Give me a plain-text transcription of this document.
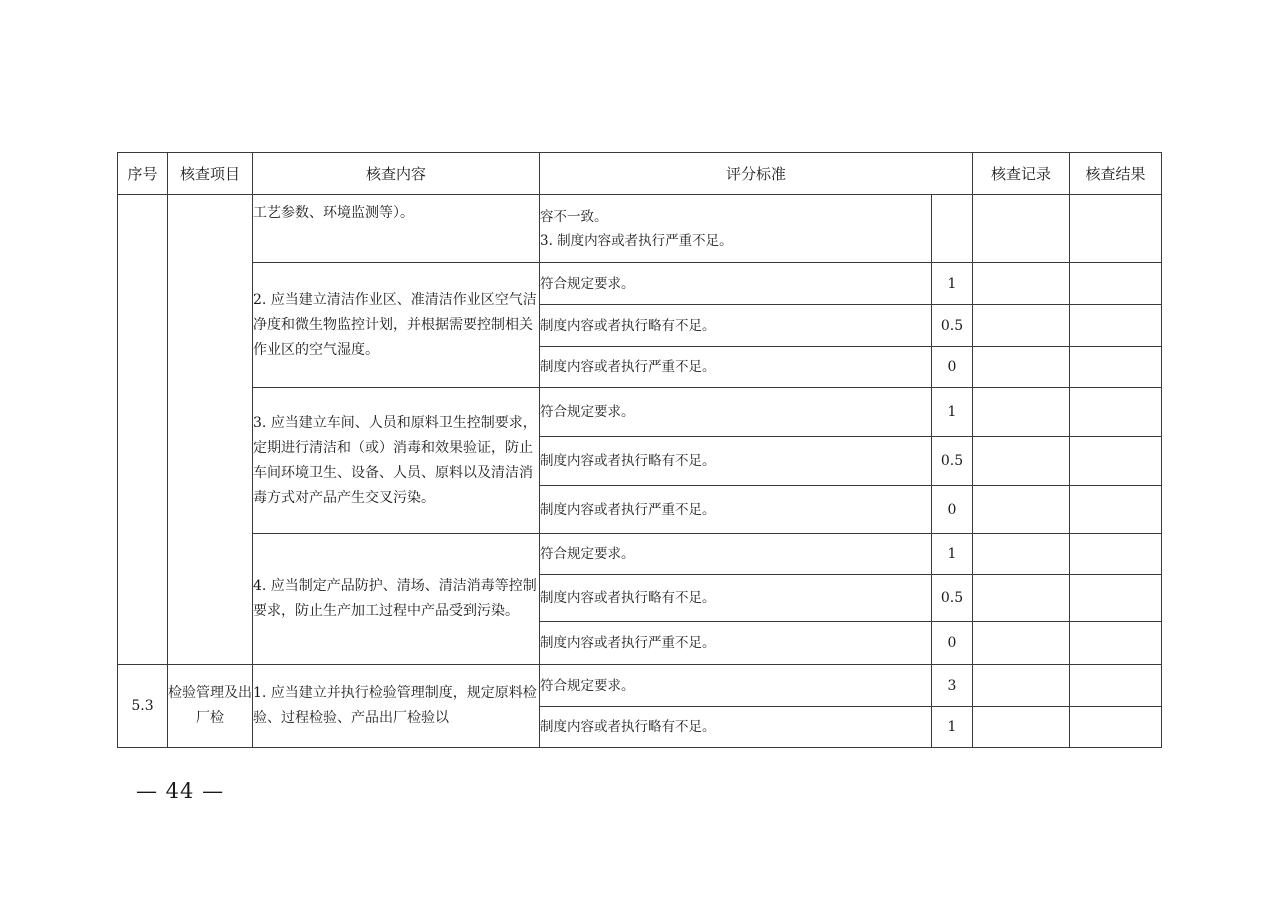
序号	核查项目	核查内容	评分标准		核查记录	核查结果
		工艺参数、环境监测等）。	容不一致。
3. 制度内容或者执行严重不足。			

		2. 应当建立清洁作业区、准清洁作业区空气洁净度和微生物监控计划，并根据需要控制相关作业区的空气湿度。	符合规定要求。	1		
			制度内容或者执行略有不足。	0.5		
			制度内容或者执行严重不足。	0		
		3. 应当建立车间、人员和原料卫生控制要求，定期进行清洁和（或）消毒和效果验证，防止车间环境卫生、设备、人员、原料以及清洁消毒方式对产品产生交叉污染。	符合规定要求。	1		
			制度内容或者执行略有不足。	0.5		
			制度内容或者执行严重不足。	0		
		4. 应当制定产品防护、清场、清洁消毒等控制要求，防止生产加工过程中产品受到污染。	符合规定要求。	1		
			制度内容或者执行略有不足。	0.5		
			制度内容或者执行严重不足。	0		
5.3	检验管理及出厂检	1. 应当建立并执行检验管理制度，规定原料检验、过程检验、产品出厂检验以	符合规定要求。	3		
			制度内容或者执行略有不足。	1		
— 44 —
